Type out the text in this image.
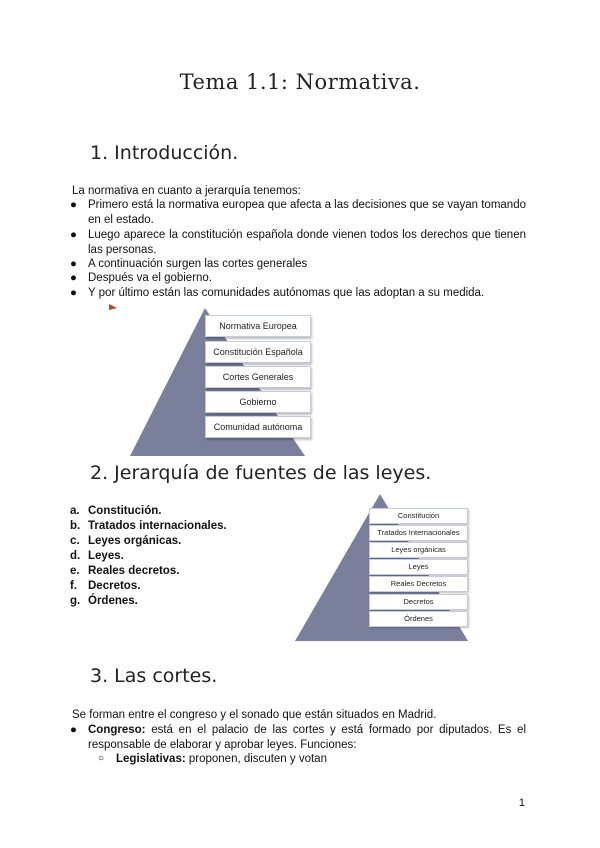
Tema 1.1: Normativa.
1. Introducción.
La normativa en cuanto a jerarquía tenemos:
● Primero está la normativa europea que afecta a las decisiones que se vayan tomando en el estado.
● Luego aparece la constitución española donde vienen todos los derechos que tienen las personas.
● A continuación surgen las cortes generales
● Después va el gobierno.
● Y por último están las comunidades autónomas que las adoptan a su medida.
Normativa Europea
Constitución Española
Cortes Generales
Gobierno
Comunidad autónoma
2. Jerarquía de fuentes de las leyes.
a. Constitución.
b. Tratados internacionales.
c. Leyes orgánicas.
d. Leyes.
e. Reales decretos.
f. Decretos.
g. Órdenes.
Constitución
Tratados Internacionales
Leyes orgánicas
Leyes
Reales Decretos
Decretos
Órdenes
3. Las cortes.
Se forman entre el congreso y el sonado que están situados en Madrid.
● Congreso: está en el palacio de las cortes y está formado por diputados. Es el responsable de elaborar y aprobar leyes. Funciones:
○ Legislativas: proponen, discuten y votan
1
